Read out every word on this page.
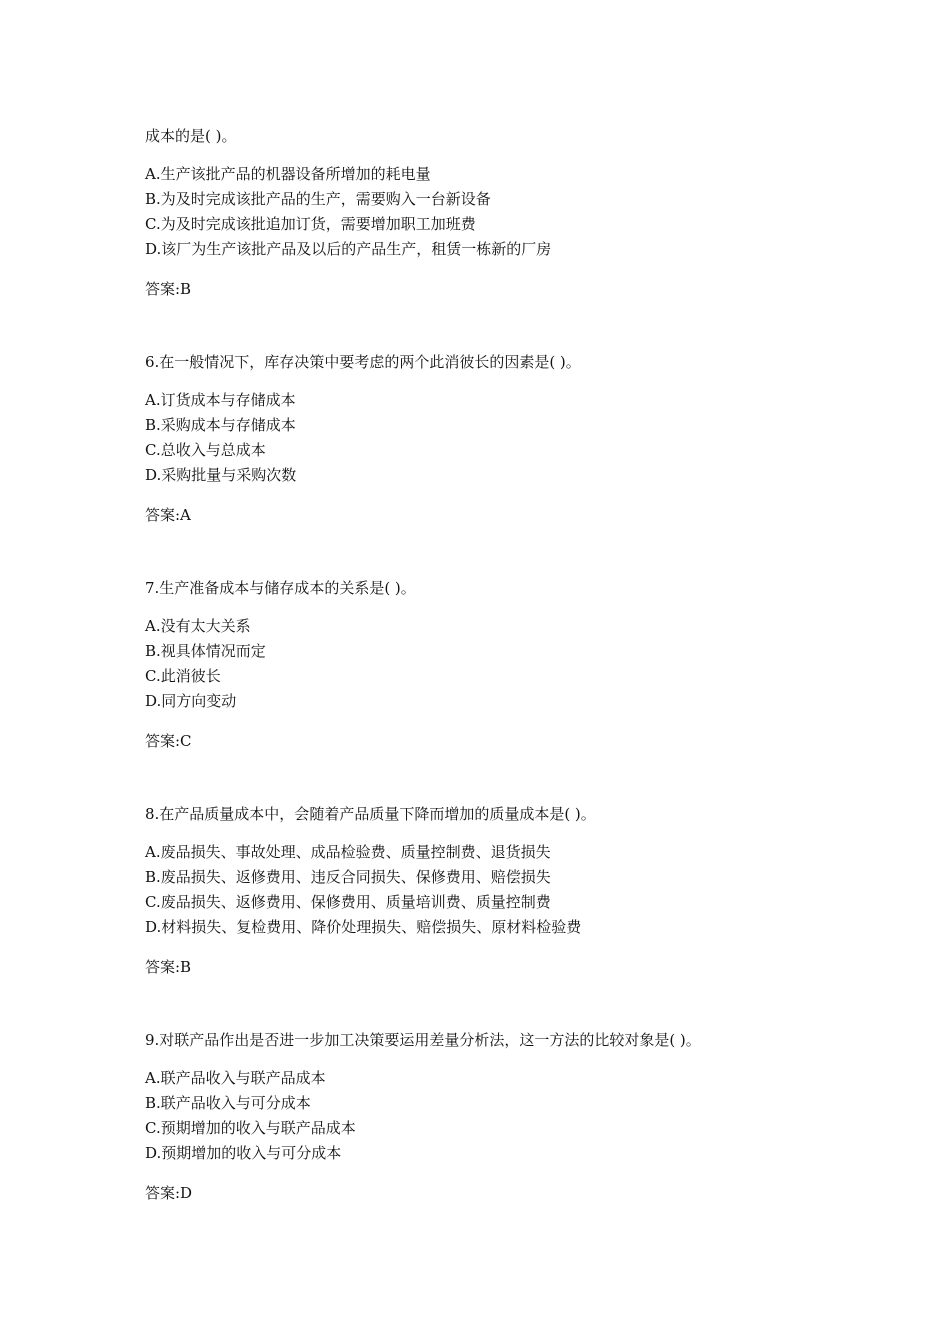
成本的是( )。
A.生产该批产品的机器设备所增加的耗电量
B.为及时完成该批产品的生产，需要购入一台新设备
C.为及时完成该批追加订货，需要增加职工加班费
D.该厂为生产该批产品及以后的产品生产，租赁一栋新的厂房
答案:B
6.在一般情况下，库存决策中要考虑的两个此消彼长的因素是( )。
A.订货成本与存储成本
B.采购成本与存储成本
C.总收入与总成本
D.采购批量与采购次数
答案:A
7.生产准备成本与储存成本的关系是( )。
A.没有太大关系
B.视具体情况而定
C.此消彼长
D.同方向变动
答案:C
8.在产品质量成本中，会随着产品质量下降而增加的质量成本是( )。
A.废品损失、事故处理、成品检验费、质量控制费、退货损失
B.废品损失、返修费用、违反合同损失、保修费用、赔偿损失
C.废品损失、返修费用、保修费用、质量培训费、质量控制费
D.材料损失、复检费用、降价处理损失、赔偿损失、原材料检验费
答案:B
9.对联产品作出是否进一步加工决策要运用差量分析法，这一方法的比较对象是( )。
A.联产品收入与联产品成本
B.联产品收入与可分成本
C.预期增加的收入与联产品成本
D.预期增加的收入与可分成本
答案:D
